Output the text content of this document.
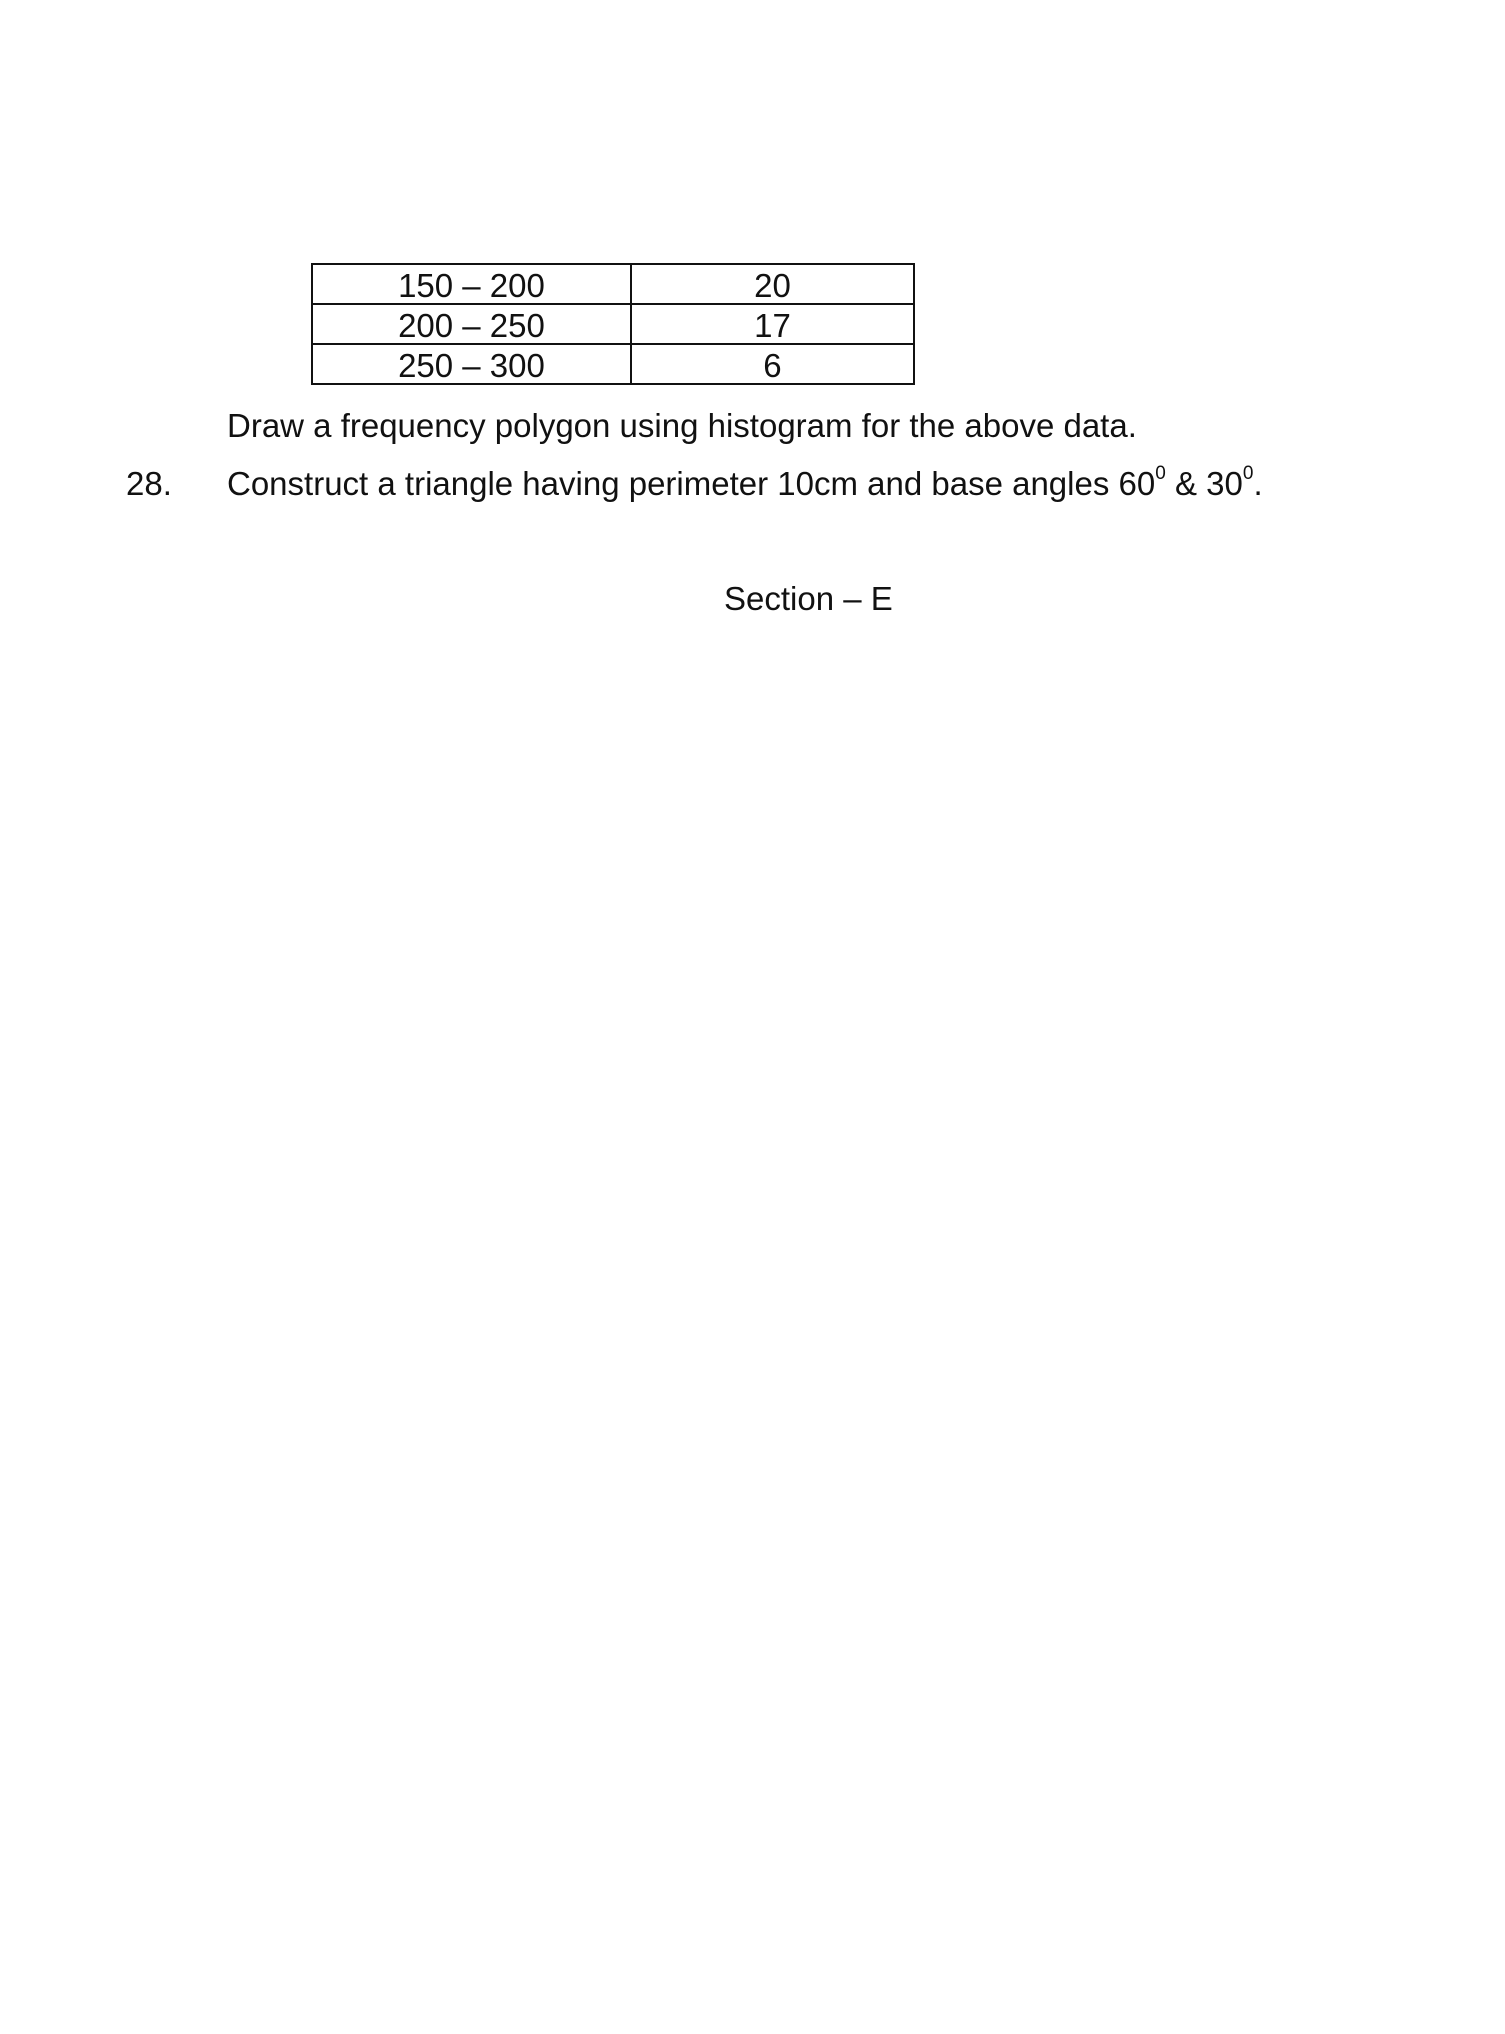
150 – 200	20
200 – 250	17
250 – 300	6
Draw a frequency polygon using histogram for the above data.
28. Construct a triangle having perimeter 10cm and base angles $60^0$ & $30^0$.
Section – E
